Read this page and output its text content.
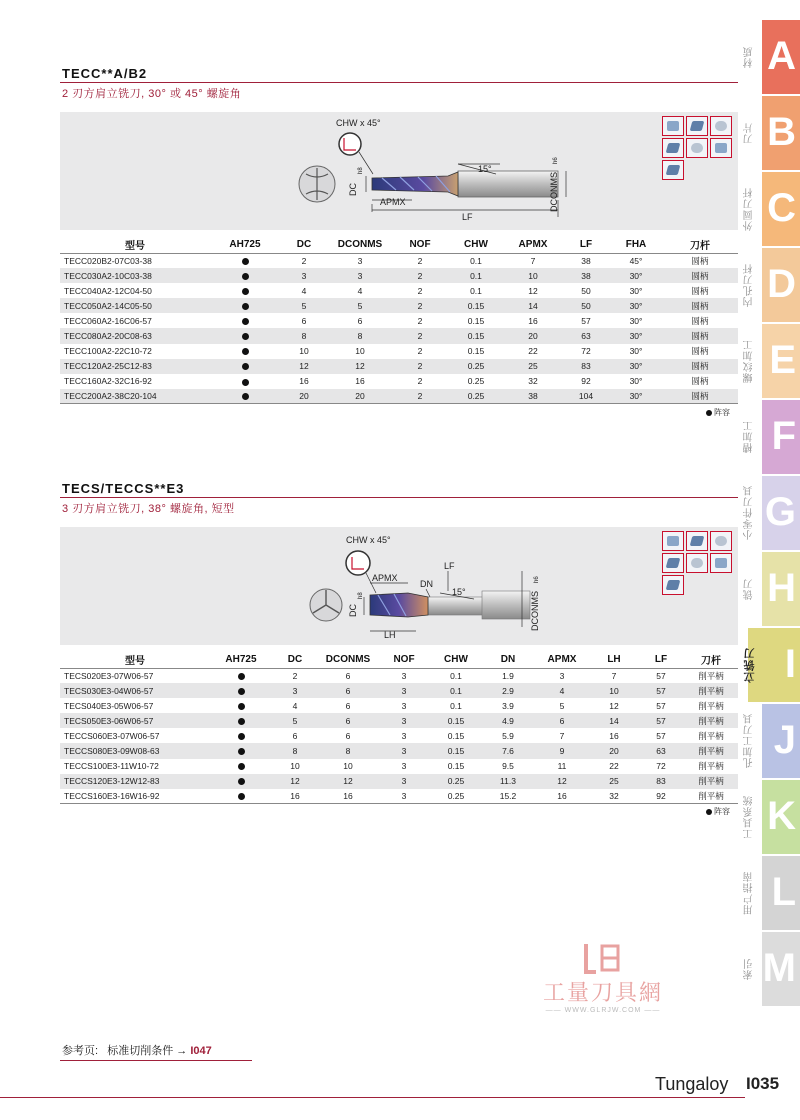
TECC**A/B2
2 刃方肩立铣刀, 30° 或 45° 螺旋角
APMX
LF
DC
h8
DCONMS
h6
15°
CHW x 45°
型号	AH725	DC	DCONMS	NOF	CHW	APMX	LF	FHA	刀杆
TECC020B2-07C03-38		2	3	2	0.1	7	38	45°	圆柄
TECC030A2-10C03-38		3	3	2	0.1	10	38	30°	圆柄
TECC040A2-12C04-50		4	4	2	0.1	12	50	30°	圆柄
TECC050A2-14C05-50		5	5	2	0.15	14	50	30°	圆柄
TECC060A2-16C06-57		6	6	2	0.15	16	57	30°	圆柄
TECC080A2-20C08-63		8	8	2	0.15	20	63	30°	圆柄
TECC100A2-22C10-72		10	10	2	0.15	22	72	30°	圆柄
TECC120A2-25C12-83		12	12	2	0.25	25	83	30°	圆柄
TECC160A2-32C16-92		16	16	2	0.25	32	92	30°	圆柄
TECC200A2-38C20-104		20	20	2	0.25	38	104	30°	圆柄
阵容
TECS/TECCS**E3
3 刃方肩立铣刀, 38° 螺旋角, 短型
DC
h8
APMX
LH
DN
LF
15°	DCONMS
h6
CHW x 45°
型号	AH725	DC	DCONMS	NOF	CHW	DN	APMX	LH	LF	刀杆
TECS020E3-07W06-57		2	6	3	0.1	1.9	3	7	57	削平柄
TECS030E3-04W06-57		3	6	3	0.1	2.9	4	10	57	削平柄
TECS040E3-05W06-57		4	6	3	0.1	3.9	5	12	57	削平柄
TECS050E3-06W06-57		5	6	3	0.15	4.9	6	14	57	削平柄
TECCS060E3-07W06-57		6	6	3	0.15	5.9	7	16	57	削平柄
TECCS080E3-09W08-63		8	8	3	0.15	7.6	9	20	63	削平柄
TECCS100E3-11W10-72		10	10	3	0.15	9.5	11	22	72	削平柄
TECCS120E3-12W12-83		12	12	3	0.25	11.3	12	25	83	削平柄
TECCS160E3-16W16-92		16	16	3	0.25	15.2	16	32	92	削平柄
阵容
A
材质
B
刀片
C
外圆刀杆
D
内孔刀杆
E
螺纹加工
F
槽加工
G
小零件刀具
H
铣刀
I
立铣刀
J
孔加工刀具
K
工具系统
L
用户指南
M
索引
工量刀具網
—— WWW.GLRJW.COM ——
参考页: 标准切削条件 → I047
Tungaloy I035
